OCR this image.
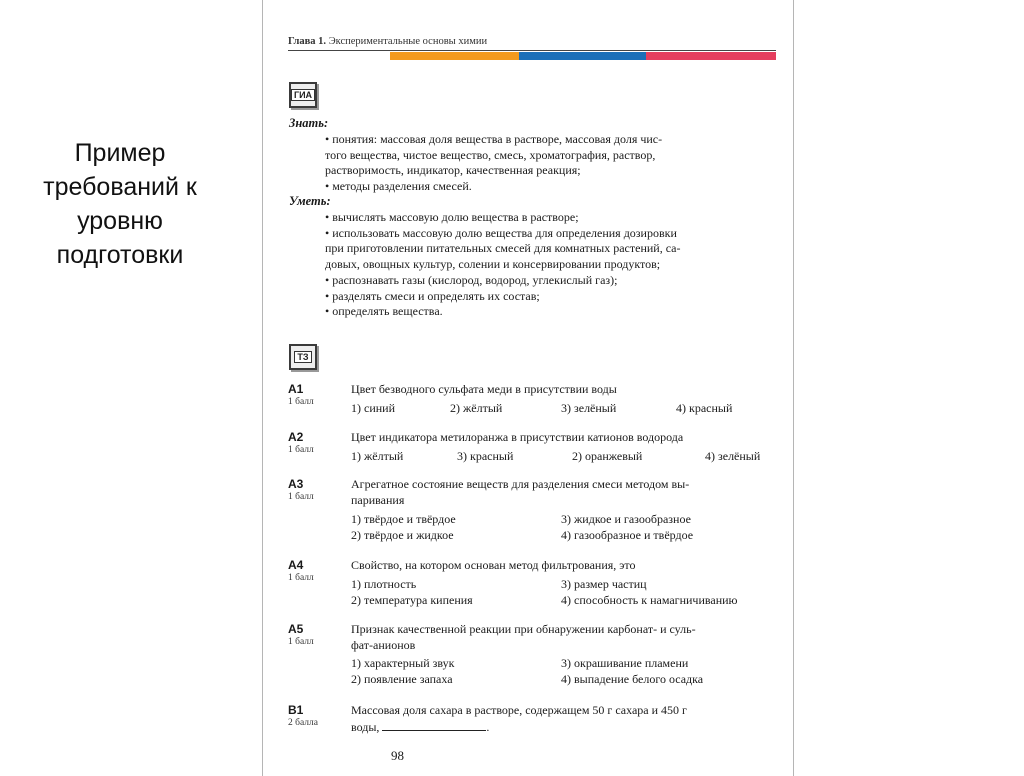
Пример
требований к
уровню
подготовки
Глава 1. Экспериментальные основы химии
ГИА
Знать:

• понятия: массовая доля вещества в растворе, массовая доля чис-

того вещества, чистое вещество, смесь, хроматография, раствор,

растворимость, индикатор, качественная реакция;

• методы разделения смесей.

Уметь:

• вычислять массовую долю вещества в растворе;

• использовать массовую долю вещества для определения дозировки

при приготовлении питательных смесей для комнатных растений, са-

довых, овощных культур, солении и консервировании продуктов;

• распознавать газы (кислород, водород, углекислый газ);

• разделять смеси и определять их состав;

• определять вещества.

ТЗ
А1
1 балл
Цвет безводного сульфата меди в присутствии воды
1) синий	2) жёлтый	3) зелёный	4) красный
А2
1 балл
Цвет индикатора метилоранжа в присутствии катионов водорода
1) жёлтый	3) красный	2) оранжевый	4) зелёный
А3
1 балл
Агрегатное состояние веществ для разделения смеси методом вы-
паривания
1) твёрдое и твёрдое	3) жидкое и газообразное
2) твёрдое и жидкое	4) газообразное и твёрдое
А4
1 балл
Свойство, на котором основан метод фильтрования, это
1) плотность	3) размер частиц
2) температура кипения	4) способность к намагничиванию
А5
1 балл
Признак качественной реакции при обнаружении карбонат- и суль-
фат-анионов
1) характерный звук	3) окрашивание пламени
2) появление запаха	4) выпадение белого осадка
В1
2 балла
Массовая доля сахара в растворе, содержащем 50 г сахара и 450 г
воды,	.
98
